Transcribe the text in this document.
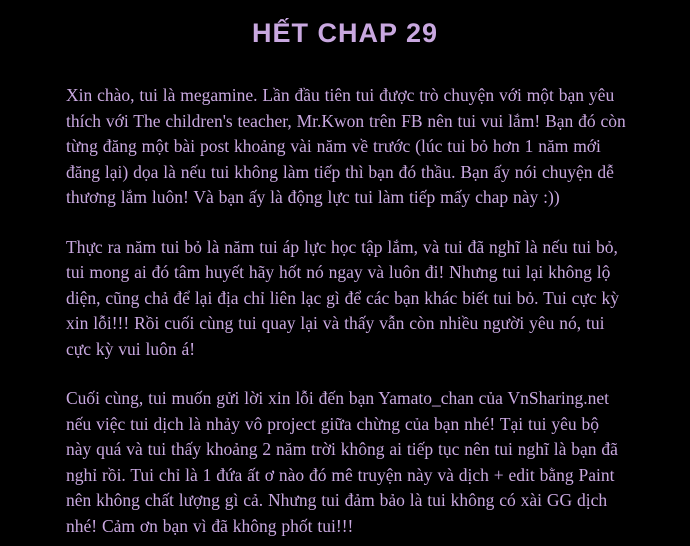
HẾT CHAP 29

Xin chào, tui là megamine. Lần đầu tiên tui được trò chuyện với một bạn yêu thích với The children's teacher, Mr.Kwon trên FB nên tui vui lắm! Bạn đó còn từng đăng một bài post khoảng vài năm về trước (lúc tui bỏ hơn 1 năm mới đăng lại) dọa là nếu tui không làm tiếp thì bạn đó thầu. Bạn ấy nói chuyện dễ thương lắm luôn! Và bạn ấy là động lực tui làm tiếp mấy chap này :))

Thực ra năm tui bỏ là năm tui áp lực học tập lắm, và tui đã nghĩ là nếu tui bỏ, tui mong ai đó tâm huyết hãy hốt nó ngay và luôn đi! Nhưng tui lại không lộ diện, cũng chả để lại địa chỉ liên lạc gì để các bạn khác biết tui bỏ. Tui cực kỳ xin lỗi!!! Rồi cuối cùng tui quay lại và thấy vẫn còn nhiều người yêu nó, tui cực kỳ vui luôn á!

Cuối cùng, tui muốn gửi lời xin lỗi đến bạn Yamato_chan của VnSharing.net nếu việc tui dịch là nhảy vô project giữa chừng của bạn nhé! Tại tui yêu bộ này quá và tui thấy khoảng 2 năm trời không ai tiếp tục nên tui nghĩ là bạn đã nghỉ rồi. Tui chỉ là 1 đứa ất ơ nào đó mê truyện này và dịch + edit bằng Paint nên không chất lượng gì cả. Nhưng tui đảm bảo là tui không có xài GG dịch nhé! Cảm ơn bạn vì đã không phốt tui!!!
